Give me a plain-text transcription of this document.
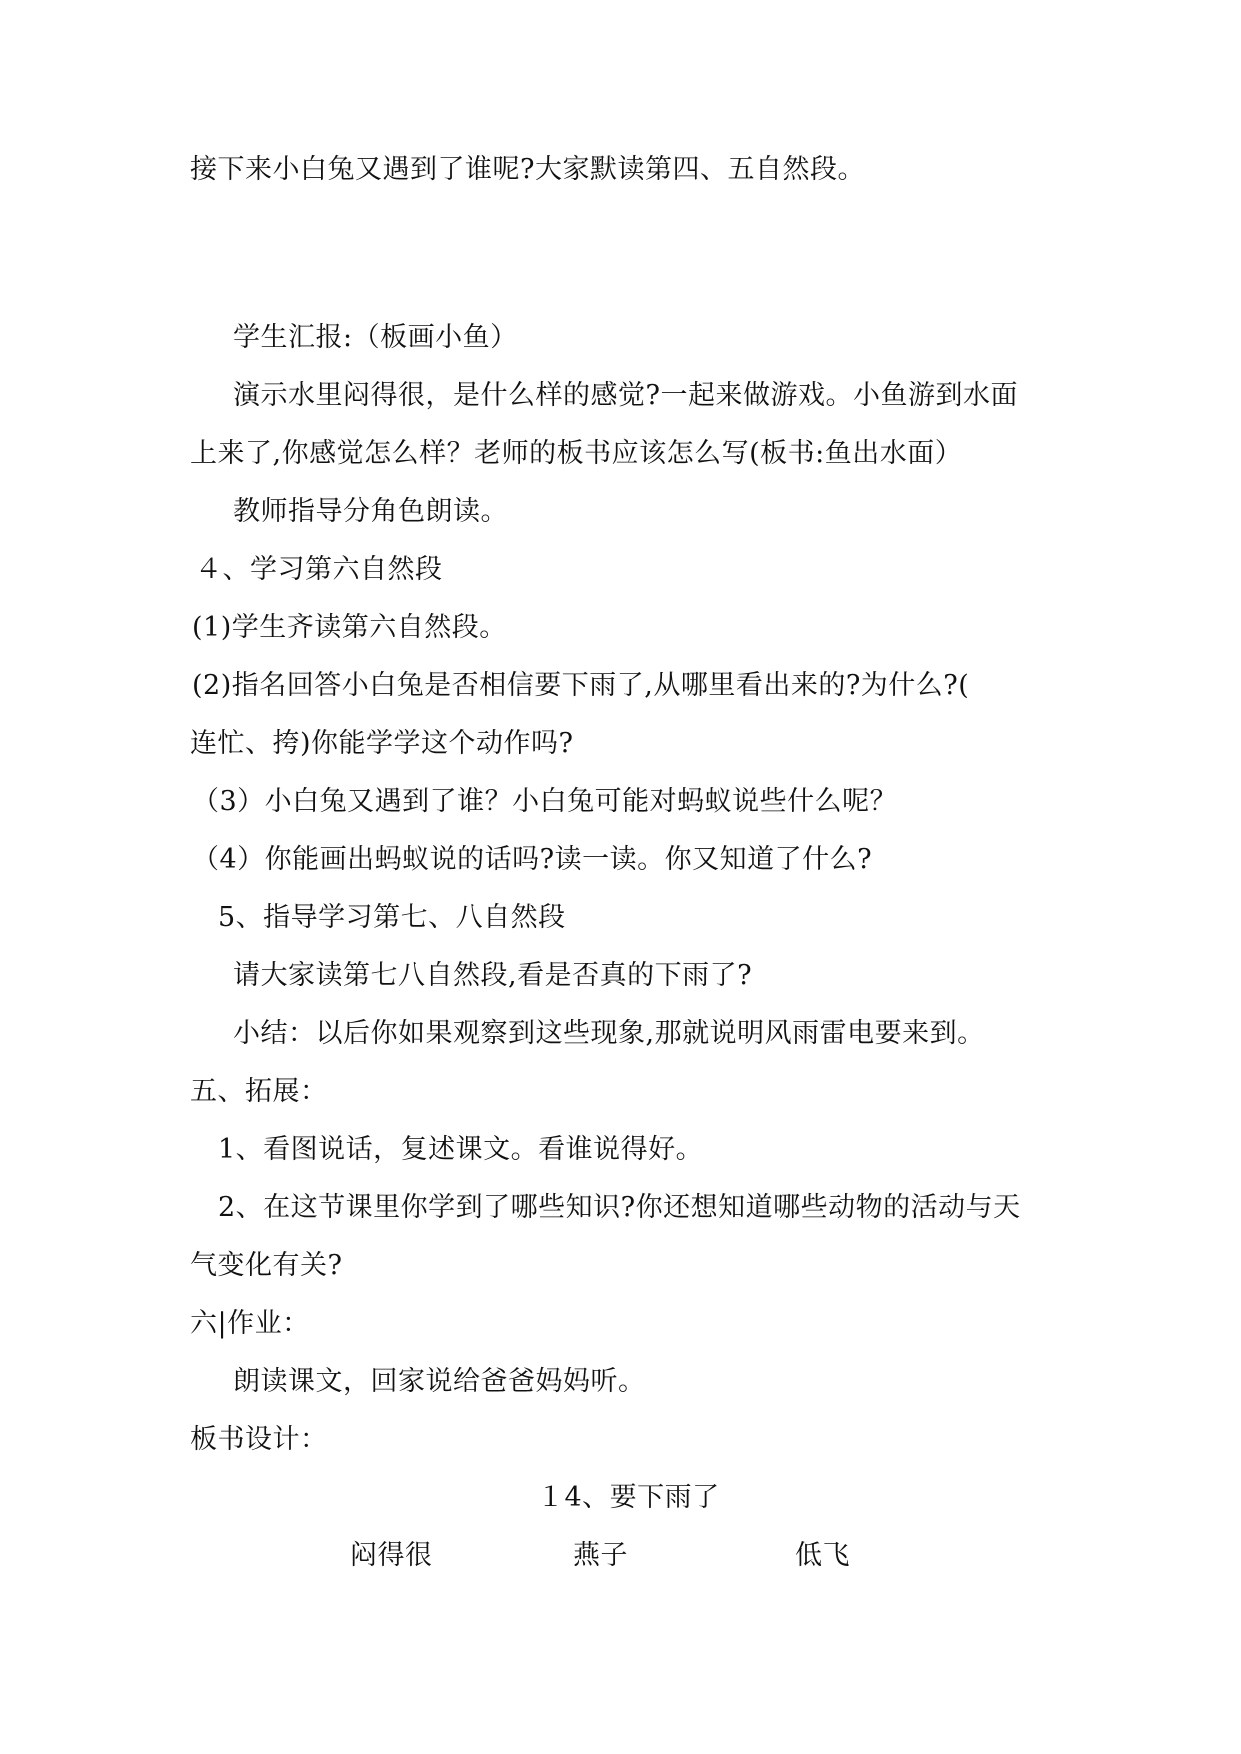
接下来小白兔又遇到了谁呢?大家默读第四、五自然段。
学生汇报:（板画小鱼）
演示水里闷得很，是什么样的感觉?一起来做游戏。小鱼游到水面
上来了,你感觉怎么样？老师的板书应该怎么写(板书:鱼出水面）
教师指导分角色朗读。
４、学习第六自然段
(1)学生齐读第六自然段。
(2)指名回答小白兔是否相信要下雨了,从哪里看出来的?为什么?(
连忙、挎)你能学学这个动作吗?
（3）小白兔又遇到了谁？小白兔可能对蚂蚁说些什么呢？
（4）你能画出蚂蚁说的话吗?读一读。你又知道了什么?
5、指导学习第七、八自然段
请大家读第七八自然段,看是否真的下雨了?
小结：以后你如果观察到这些现象,那就说明风雨雷电要来到。
五、拓展：
1、看图说话，复述课文。看谁说得好。
2、在这节课里你学到了哪些知识?你还想知道哪些动物的活动与天
气变化有关?
六|作业：
朗读课文，回家说给爸爸妈妈听。
板书设计：
１4、要下雨了
闷得很	燕子	低飞
